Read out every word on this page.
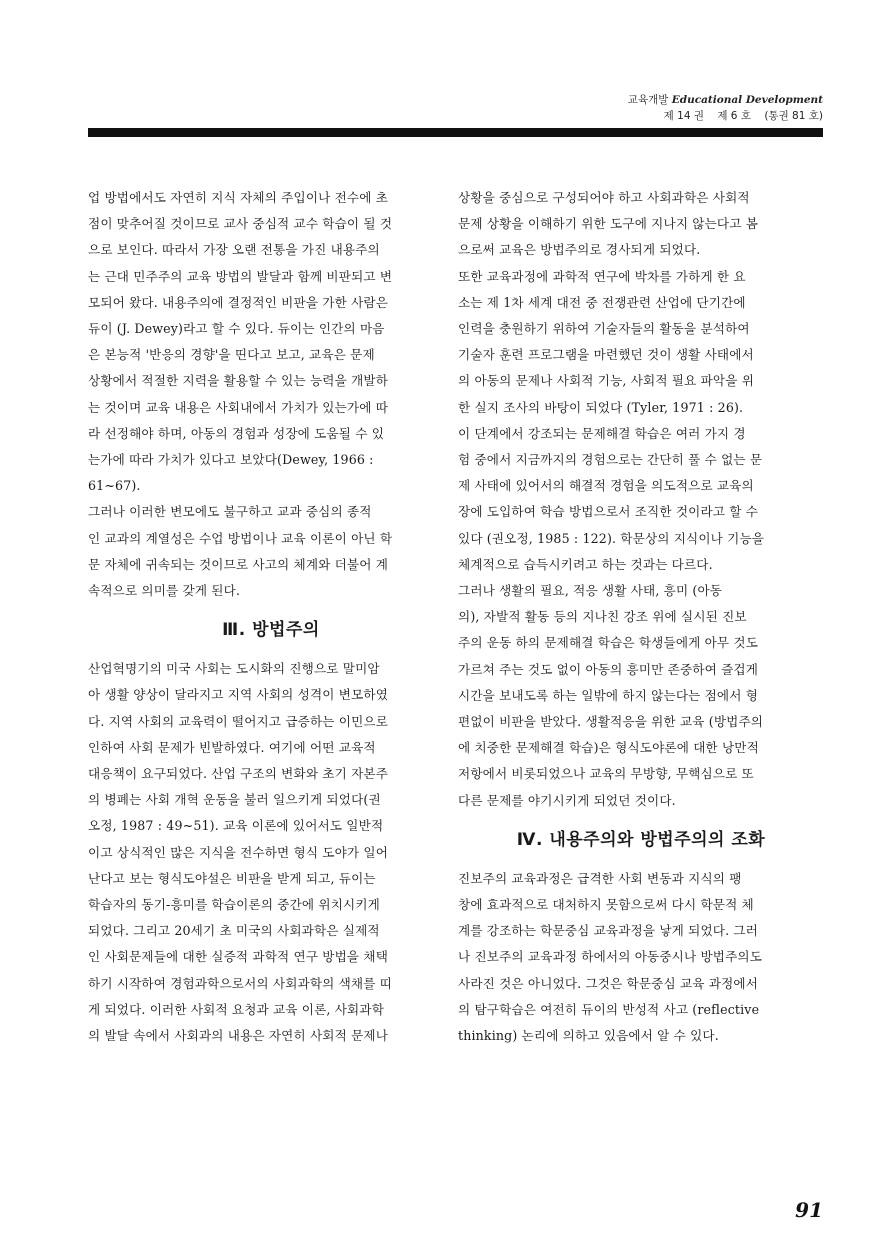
교육개발 Educational Development
제 14 권 제 6 호 (통권 81 호)

업 방법에서도 자연히 지식 자체의 주입이나 전수에 초
점이 맞추어질 것이므로 교사 중심적 교수 학습이 될 것
으로 보인다. 따라서 가장 오랜 전통을 가진 내용주의
는 근대 민주주의 교육 방법의 발달과 함께 비판되고 변
모되어 왔다. 내용주의에 결정적인 비판을 가한 사람은
듀이 (J. Dewey)라고 할 수 있다. 듀이는 인간의 마음
은 본능적 '반응의 경향'을 띤다고 보고, 교육은 문제
상황에서 적절한 지력을 활용할 수 있는 능력을 개발하
는 것이며 교육 내용은 사회내에서 가치가 있는가에 따
라 선정해야 하며, 아동의 경험과 성장에 도움될 수 있
는가에 따라 가치가 있다고 보았다(Dewey, 1966 :
61~67).

그러나 이러한 변모에도 불구하고 교과 중심의 종적
인 교과의 계열성은 수업 방법이나 교육 이론이 아닌 학
문 자체에 귀속되는 것이므로 사고의 체계와 더불어 계
속적으로 의미를 갖게 된다.

Ⅲ. 방법주의

산업혁명기의 미국 사회는 도시화의 진행으로 말미암
아 생활 양상이 달라지고 지역 사회의 성격이 변모하였
다. 지역 사회의 교육력이 떨어지고 급증하는 이민으로
인하여 사회 문제가 빈발하였다. 여기에 어떤 교육적
대응책이 요구되었다. 산업 구조의 변화와 초기 자본주
의 병폐는 사회 개혁 운동을 불러 일으키게 되었다(권
오정, 1987 : 49~51). 교육 이론에 있어서도 일반적
이고 상식적인 많은 지식을 전수하면 형식 도야가 일어
난다고 보는 형식도야설은 비판을 받게 되고, 듀이는
학습자의 동기-흥미를 학습이론의 중간에 위치시키게
되었다. 그리고 20세기 초 미국의 사회과학은 실제적
인 사회문제들에 대한 실증적 과학적 연구 방법을 채택
하기 시작하여 경험과학으로서의 사회과학의 색채를 띠
게 되었다. 이러한 사회적 요청과 교육 이론, 사회과학
의 발달 속에서 사회과의 내용은 자연히 사회적 문제나

상황을 중심으로 구성되어야 하고 사회과학은 사회적
문제 상황을 이해하기 위한 도구에 지나지 않는다고 봄
으로써 교육은 방법주의로 경사되게 되었다.

또한 교육과정에 과학적 연구에 박차를 가하게 한 요
소는 제 1차 세계 대전 중 전쟁관련 산업에 단기간에
인력을 충원하기 위하여 기술자들의 활동을 분석하여
기술자 훈련 프로그램을 마련했던 것이 생활 사태에서
의 아동의 문제나 사회적 기능, 사회적 필요 파악을 위
한 실지 조사의 바탕이 되었다 (Tyler, 1971 : 26).

이 단계에서 강조되는 문제해결 학습은 여러 가지 경
험 중에서 지금까지의 경험으로는 간단히 풀 수 없는 문
제 사태에 있어서의 해결적 경험을 의도적으로 교육의
장에 도입하여 학습 방법으로서 조직한 것이라고 할 수
있다 (권오정, 1985 : 122). 학문상의 지식이나 기능을
체계적으로 습득시키려고 하는 것과는 다르다.

그러나 생활의 필요, 적응 생활 사태, 흥미 (아동
의), 자발적 활동 등의 지나친 강조 위에 실시된 진보
주의 운동 하의 문제해결 학습은 학생들에게 아무 것도
가르쳐 주는 것도 없이 아동의 흥미만 존중하여 즐겁게
시간을 보내도록 하는 일밖에 하지 않는다는 점에서 형
편없이 비판을 받았다. 생활적응을 위한 교육 (방법주의
에 치중한 문제해결 학습)은 형식도야론에 대한 낭만적
저항에서 비롯되었으나 교육의 무방향, 무핵심으로 또
다른 문제를 야기시키게 되었던 것이다.

Ⅳ. 내용주의와 방법주의의 조화

진보주의 교육과정은 급격한 사회 변동과 지식의 팽
창에 효과적으로 대처하지 못함으로써 다시 학문적 체
계를 강조하는 학문중심 교육과정을 낳게 되었다. 그러
나 진보주의 교육과정 하에서의 아동중시나 방법주의도
사라진 것은 아니었다. 그것은 학문중심 교육 과정에서
의 탐구학습은 여전히 듀이의 반성적 사고 (reflective
thinking) 논리에 의하고 있음에서 알 수 있다.

91
